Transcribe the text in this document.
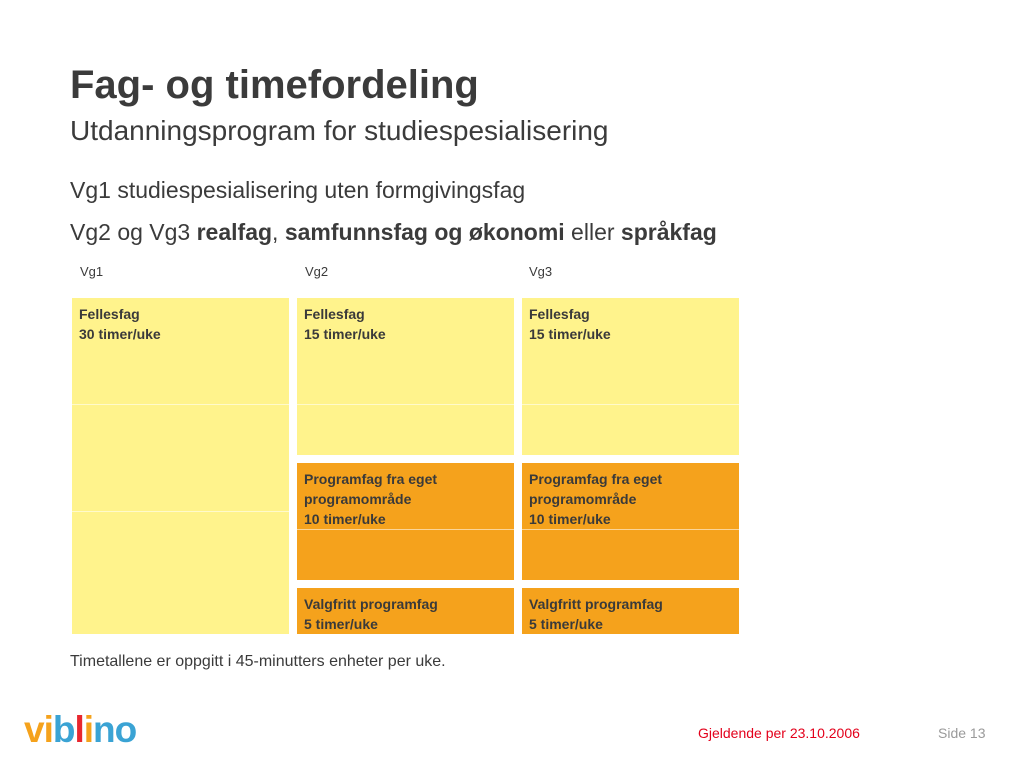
Fag- og timefordeling
Utdanningsprogram for studiespesialisering
Vg1 studiespesialisering uten formgivingsfag
Vg2 og Vg3 realfag, samfunnsfag og økonomi eller språkfag
Vg1	Vg2	Vg3
Fellesfag
30 timer/uke
Fellesfag
15 timer/uke
Programfag fra eget
programområde
10 timer/uke
Valgfritt programfag
5 timer/uke
Fellesfag
15 timer/uke
Programfag fra eget
programområde
10 timer/uke
Valgfritt programfag
5 timer/uke
Timetallene er oppgitt i 45-minutters enheter per uke.
viblino	Gjeldende per 23.10.2006	Side 13
